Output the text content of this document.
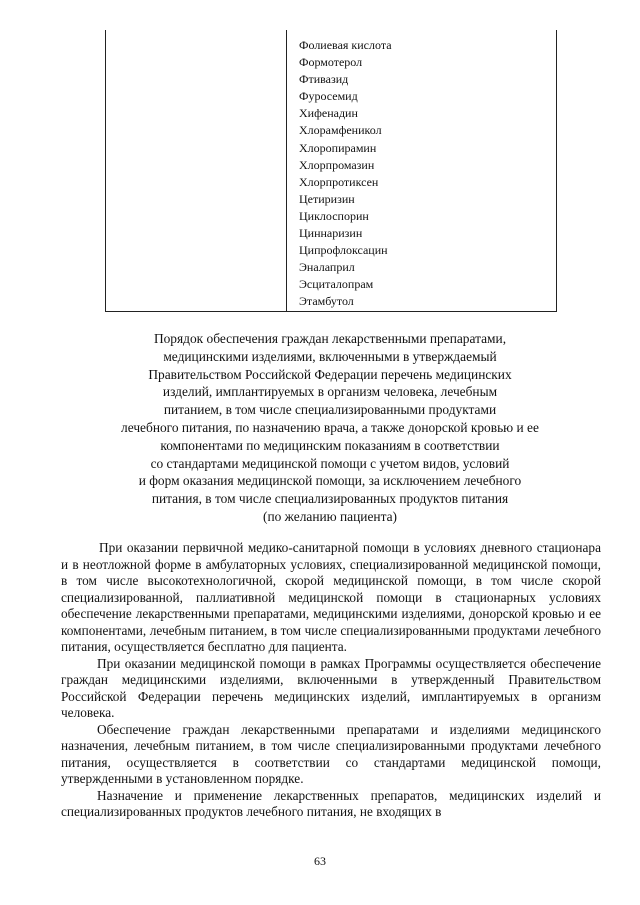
Фолиевая кислота
Формотерол
Фтивазид
Фуросемид
Хифенадин
Хлорамфеникол
Хлоропирамин
Хлорпромазин
Хлорпротиксен
Цетиризин
Циклоспорин
Циннаризин
Ципрофлоксацин
Эналаприл
Эсциталопрам
Этамбутол
Порядок обеспечения граждан лекарственными препаратами,
медицинскими изделиями, включенными в утверждаемый
Правительством Российской Федерации перечень медицинских
изделий, имплантируемых в организм человека, лечебным
питанием, в том числе специализированными продуктами
лечебного питания, по назначению врача, а также донорской кровью и ее
компонентами по медицинским показаниям в соответствии
со стандартами медицинской помощи с учетом видов, условий
и форм оказания медицинской помощи, за исключением лечебного
питания, в том числе специализированных продуктов питания
(по желанию пациента)

При оказании первичной медико-санитарной помощи в условиях дневного стационара и в неотложной форме в амбулаторных условиях, специализированной медицинской помощи, в том числе высокотехнологичной, скорой медицинской помощи, в том числе скорой специализированной, паллиативной медицинской помощи в стационарных условиях обеспечение лекарственными препаратами, медицинскими изделиями, донорской кровью и ее компонентами, лечебным питанием, в том числе специализированными продуктами лечебного питания, осуществляется бесплатно для пациента.

При оказании медицинской помощи в рамках Программы осуществляется обеспечение граждан медицинскими изделиями, включенными в утвержденный Правительством Российской Федерации перечень медицинских изделий, имплантируемых в организм человека.

Обеспечение граждан лекарственными препаратами и изделиями медицинского назначения, лечебным питанием, в том числе специализированными продуктами лечебного питания, осуществляется в соответствии со стандартами медицинской помощи, утвержденными в установленном порядке.

Назначение и применение лекарственных препаратов, медицинских изделий и специализированных продуктов лечебного питания, не входящих в

63
